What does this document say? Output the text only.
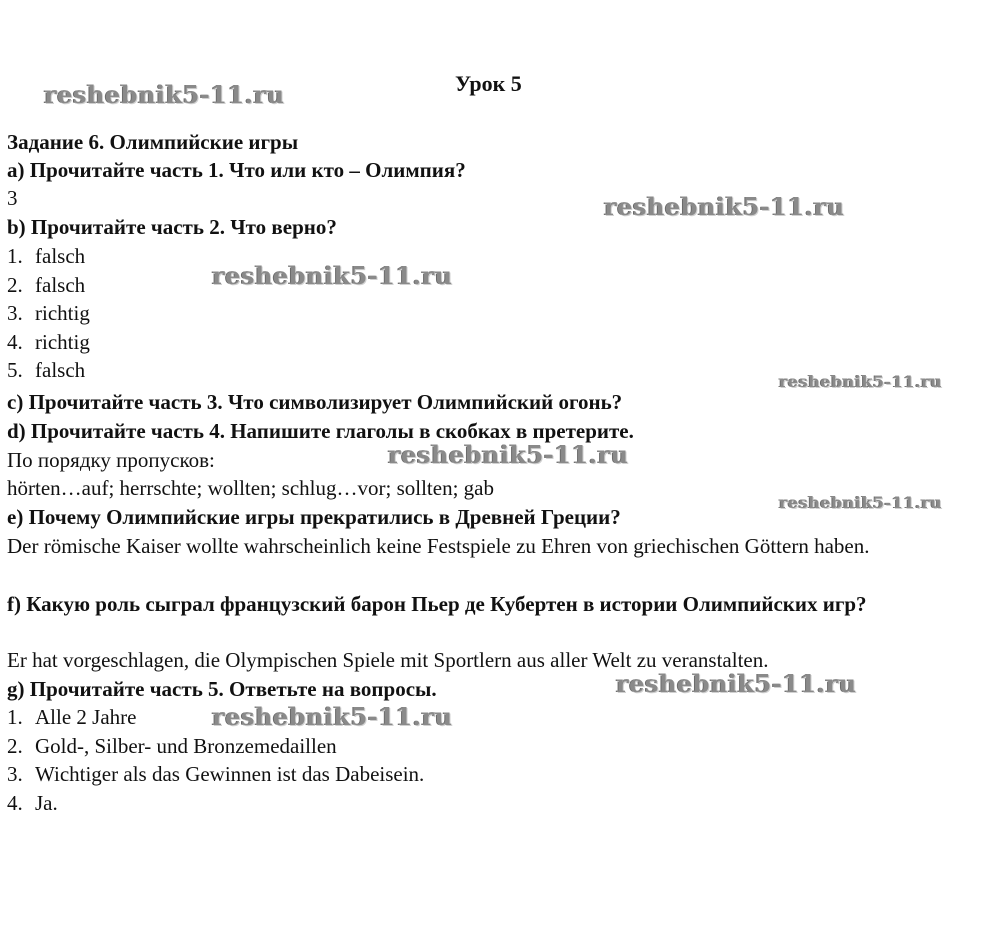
reshebnik5-11.ru
reshebnik5-11.ru
reshebnik5-11.ru
reshebnik5-11.ru
reshebnik5-11.ru
reshebnik5-11.ru
reshebnik5-11.ru
reshebnik5-11.ru
Урок 5
Задание 6. Олимпийские игры
a) Прочитайте часть 1. Что или кто – Олимпия?
3
b) Прочитайте часть 2. Что верно?
1. falsch
2. falsch
3. richtig
4. richtig
5. falsch
c) Прочитайте часть 3. Что символизирует Олимпийский огонь?
d) Прочитайте часть 4. Напишите глаголы в скобках в претерите.
По порядку пропусков:
hörten…auf; herrschte; wollten; schlug…vor; sollten; gab
e) Почему Олимпийские игры прекратились в Древней Греции?
Der römische Kaiser wollte wahrscheinlich keine Festspiele zu Ehren von griechischen Göttern haben.
f) Какую роль сыграл французский барон Пьер де Кубертен в истории Олимпийских игр?
Er hat vorgeschlagen, die Olympischen Spiele mit Sportlern aus aller Welt zu veranstalten.
g) Прочитайте часть 5. Ответьте на вопросы.
1. Alle 2 Jahre
2. Gold-, Silber- und Bronzemedaillen
3. Wichtiger als das Gewinnen ist das Dabeisein.
4. Ja.
